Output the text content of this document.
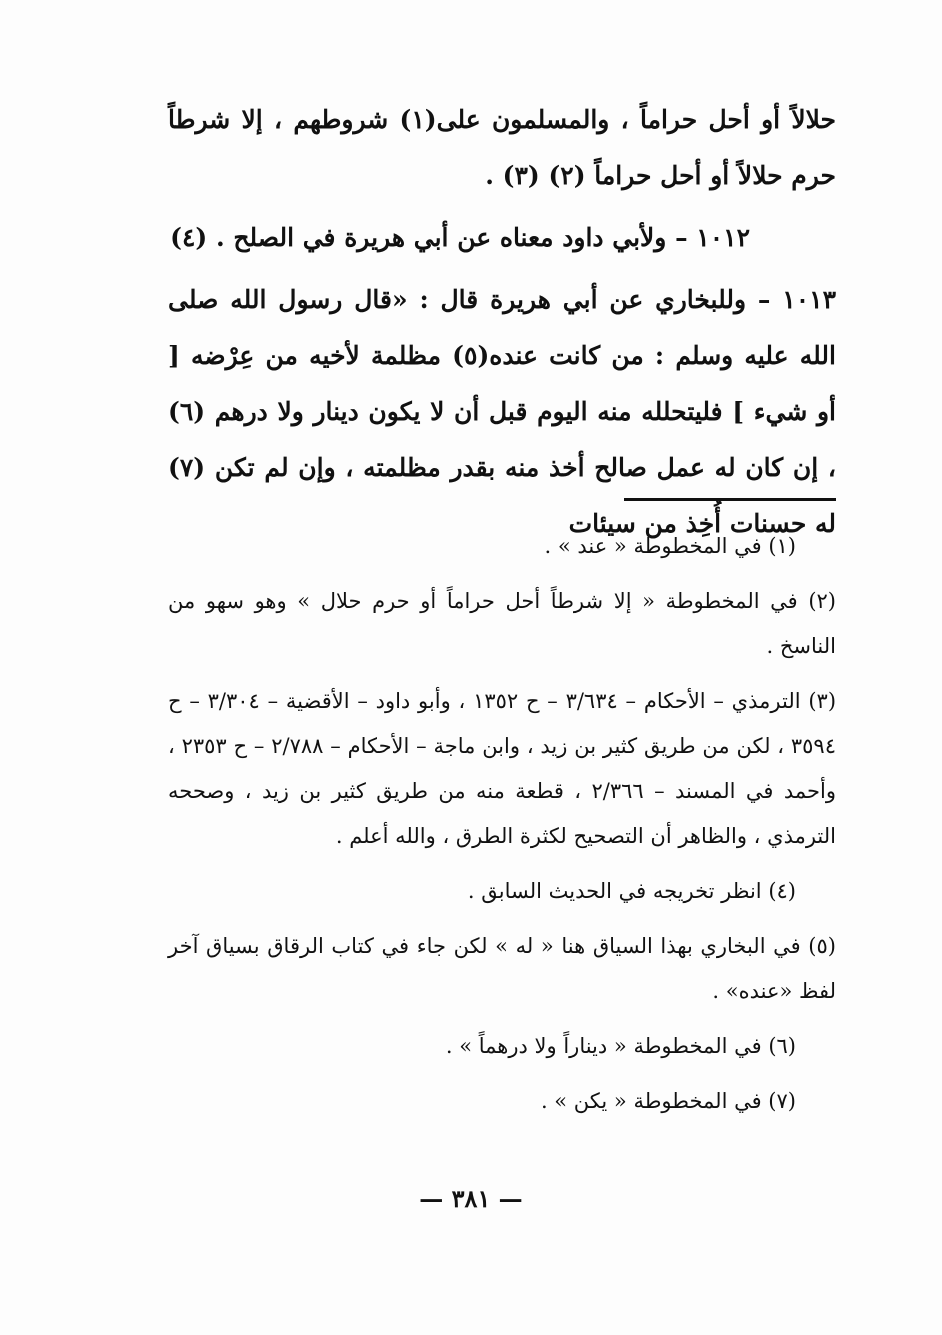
حلالاً أو أحل حراماً ، والمسلمون على(١) شروطهم ، إلا شرطاً حرم حلالاً أو أحل حراماً (٢) (٣) .

١٠١٢ – ولأبي داود معناه عن أبي هريرة في الصلح . (٤)

١٠١٣ – وللبخاري عن أبي هريرة قال : «قال رسول الله صلى الله عليه وسلم : من كانت عنده(٥) مظلمة لأخيه من عِرْضه [ أو شيء ] فليتحلله منه اليوم قبل أن لا يكون دينار ولا درهم (٦) ، إن كان له عمل صالح أخذ منه بقدر مظلمته ، وإن لم تكن (٧) له حسنات أُخِذ من سيئات

(١) في المخطوطة « عند » .

(٢) في المخطوطة « إلا شرطاً أحل حراماً أو حرم حلال » وهو سهو من الناسخ .

(٣) الترمذي – الأحكام – ٣/٦٣٤ – ح ١٣٥٢ ، وأبو داود – الأقضية – ٣/٣٠٤ – ح ٣٥٩٤ ، لكن من طريق كثير بن زيد ، وابن ماجة – الأحكام – ٢/٧٨٨ – ح ٢٣٥٣ ، وأحمد في المسند – ٢/٣٦٦ ، قطعة منه من طريق كثير بن زيد ، وصححه الترمذي ، والظاهر أن التصحيح لكثرة الطرق ، والله أعلم .

(٤) انظر تخريجه في الحديث السابق .

(٥) في البخاري بهذا السياق هنا « له » لكن جاء في كتاب الرقاق بسياق آخر لفظ «عنده» .

(٦) في المخطوطة « ديناراً ولا درهماً » .

(٧) في المخطوطة « يكن » .

— ٣٨١ —
